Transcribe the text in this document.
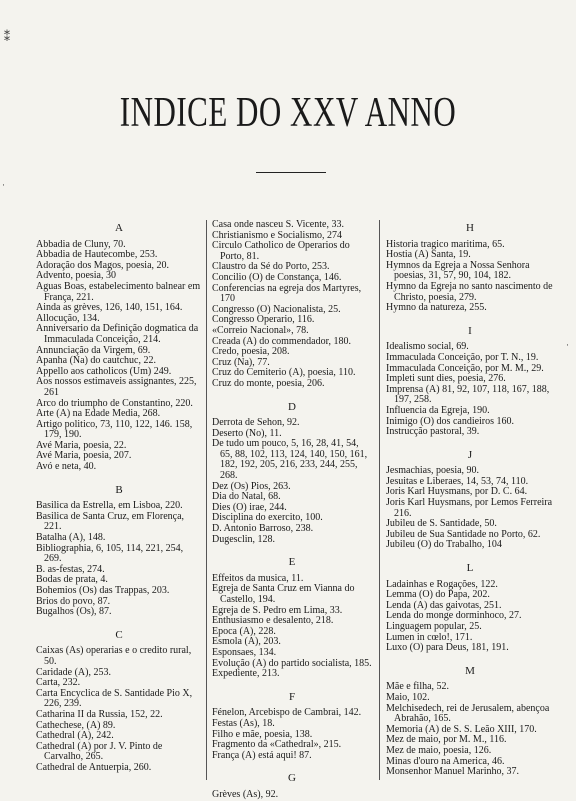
⁑
·
·
INDICE DO XXV ANNO
A
Abbadia de Cluny, 70.
Abbadia de Hautecombe, 253.
Adoração dos Magos, poesia, 20.
Advento, poesia, 30
Aguas Boas, estabelecimento balnear em França, 221.
Ainda as grèves, 126, 140, 151, 164.
Allocução, 134.
Anniversario da Definição dogmatica da Immaculada Conceição, 214.
Annunciação da Virgem, 69.
Apanha (Na) do cautchuc, 22.
Appello aos catholicos (Um) 249.
Aos nossos estimaveis assignantes, 225, 261
Arco do triumpho de Constantino, 220.
Arte (A) na Edade Media, 268.
Artigo politico, 73, 110, 122, 146. 158, 179, 190.
Avé Maria, poesia, 22.
Avé Maria, poesia, 207.
Avó e neta, 40.
B
Basilica da Estrella, em Lisboa, 220.
Basilica de Santa Cruz, em Florença, 221.
Batalha (A), 148.
Bibliographia, 6, 105, 114, 221, 254, 269.
B. as-festas, 274.
Bodas de prata, 4.
Bohemios (Os) das Trappas, 203.
Brios do povo, 87.
Bugalhos (Os), 87.
C
Caixas (As) operarias e o credito rural, 50.
Caridade (A), 253.
Carta, 232.
Carta Encyclica de S. Santidade Pio X, 226, 239.
Catharina II da Russia, 152, 22.
Cathechese, (A) 89.
Cathedral (A), 242.
Cathedral (A) por J. V. Pinto de Carvalho, 265.
Cathedral de Antuerpia, 260.
Casa onde nasceu S. Vicente, 33.
Christianismo e Socialismo, 274
Circulo Catholico de Operarios do Porto, 81.
Claustro da Sé do Porto, 253.
Concilio (O) de Constança, 146.
Conferencias na egreja dos Martyres, 170
Congresso (O) Nacionalista, 25.
Congresso Operario, 116.
«Correio Nacional», 78.
Creada (A) do commendador, 180.
Credo, poesia, 208.
Cruz (Na), 77.
Cruz do Cemiterio (A), poesia, 110.
Cruz do monte, poesia, 206.
D
Derrota de Sehon, 92.
Deserto (No), 11.
De tudo um pouco, 5, 16, 28, 41, 54, 65, 88, 102, 113, 124, 140, 150, 161, 182, 192, 205, 216, 233, 244, 255, 268.
Dez (Os) Pios, 263.
Dia do Natal, 68.
Dies (O) irae, 244.
Disciplina do exercito, 100.
D. Antonio Barroso, 238.
Dugesclin, 128.
E
Effeitos da musica, 11.
Egreja de Santa Cruz em Vianna do Castello, 194.
Egreja de S. Pedro em Lima, 33.
Enthusiasmo e desalento, 218.
Epoca (A), 228.
Esmola (A), 203.
Esponsaes, 134.
Evolução (A) do partido socialista, 185.
Expediente, 213.
F
Fénelon, Arcebispo de Cambrai, 142.
Festas (As), 18.
Filho e mãe, poesia, 138.
Fragmento da «Cathedral», 215.
França (A) está aqui! 87.
G
Grèves (As), 92.
H
Historia tragico maritima, 65.
Hostia (A) Santa, 19.
Hymnos da Egreja a Nossa Senhora poesias, 31, 57, 90, 104, 182.
Hymno da Egreja no santo nascimento de Christo, poesia, 279.
Hymno da natureza, 255.
I
Idealismo social, 69.
Immaculada Conceição, por T. N., 19.
Immaculada Conceição, por M. M., 29.
Impleti sunt dies, poesia, 276.
Imprensa (A) 81, 92, 107, 118, 167, 188, 197, 258.
Influencia da Egreja, 190.
Inimigo (O) dos candieiros 160.
Instrucção pastoral, 39.
J
Jesmachias, poesia, 90.
Jesuitas e Liberaes, 14, 53, 74, 110.
Joris Karl Huysmans, por D. C. 64.
Joris Karl Huysmans, por Lemos Ferreira 216.
Jubileu de S. Santidade, 50.
Jubileu de Sua Santidade no Porto, 62.
Jubileu (O) do Trabalho, 104
L
Ladainhas e Rogações, 122.
Lemma (O) do Papa, 202.
Lenda (A) das gaivotas, 251.
Lenda do monge dorminhoco, 27.
Linguagem popular, 25.
Lumen in cœlo!, 171.
Luxo (O) para Deus, 181, 191.
M
Mãe e filha, 52.
Maio, 102.
Melchisedech, rei de Jerusalem, abençoa Abrahão, 165.
Memoria (A) de S. S. Leão XIII, 170.
Mez de maio, por M. M., 116.
Mez de maio, poesia, 126.
Minas d'ouro na America, 46.
Monsenhor Manuel Marinho, 37.
